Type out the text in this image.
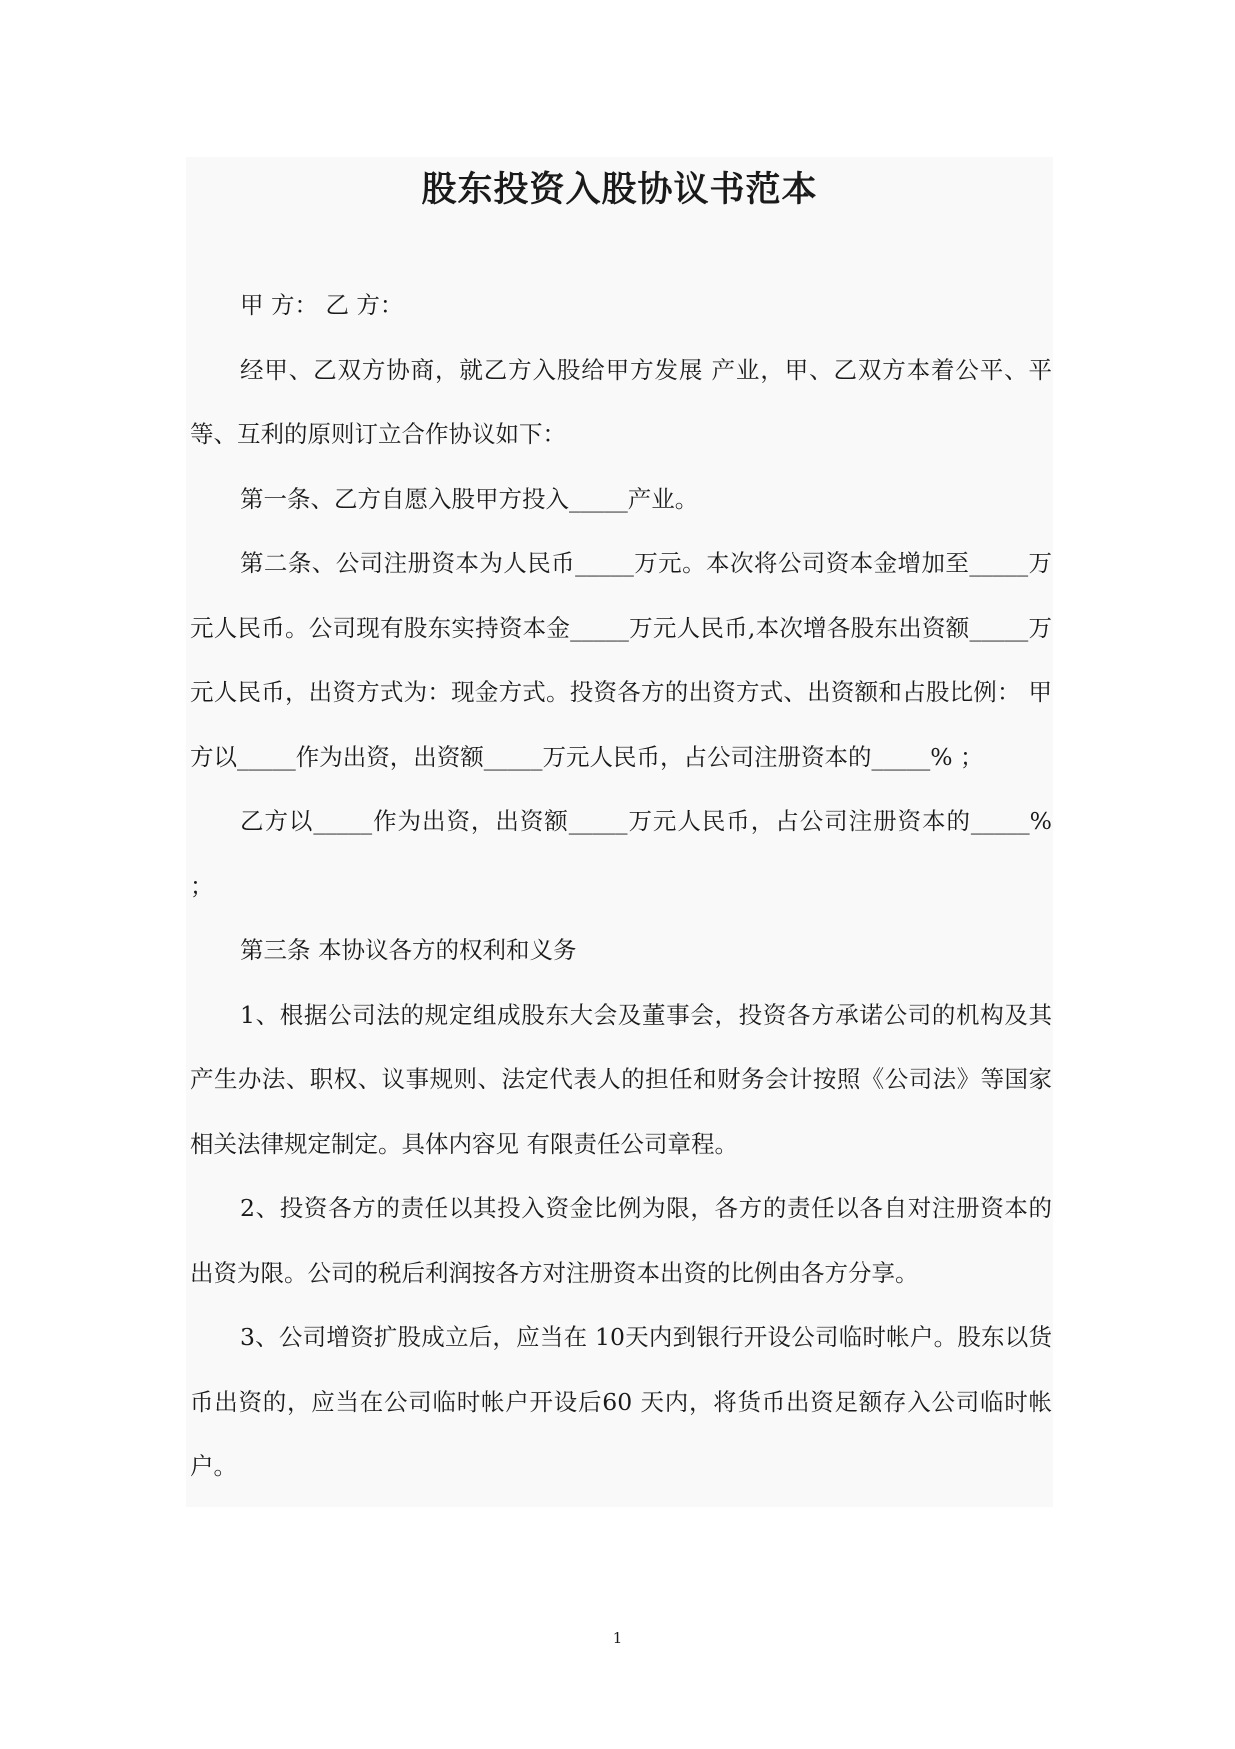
股东投资入股协议书范本

甲 方： 乙 方：

经甲、乙双方协商，就乙方入股给甲方发展 产业，甲、乙双方本着公平、平等、互利的原则订立合作协议如下：

第一条、乙方自愿入股甲方投入_____产业。

第二条、公司注册资本为人民币_____万元。本次将公司资本金增加至_____万元人民币。公司现有股东实持资本金_____万元人民币,本次增各股东出资额_____万元人民币，出资方式为：现金方式。投资各方的出资方式、出资额和占股比例： 甲方以_____作为出资，出资额_____万元人民币，占公司注册资本的_____% ；

乙方以_____作为出资，出资额_____万元人民币，占公司注册资本的_____% ；

第三条 本协议各方的权利和义务

1、根据公司法的规定组成股东大会及董事会，投资各方承诺公司的机构及其产生办法、职权、议事规则、法定代表人的担任和财务会计按照《公司法》等国家相关法律规定制定。具体内容见 有限责任公司章程。

2、投资各方的责任以其投入资金比例为限，各方的责任以各自对注册资本的出资为限。公司的税后利润按各方对注册资本出资的比例由各方分享。

3、公司增资扩股成立后，应当在 10天内到银行开设公司临时帐户。股东以货币出资的，应当在公司临时帐户开设后60 天内，将货币出资足额存入公司临时帐户。

1
